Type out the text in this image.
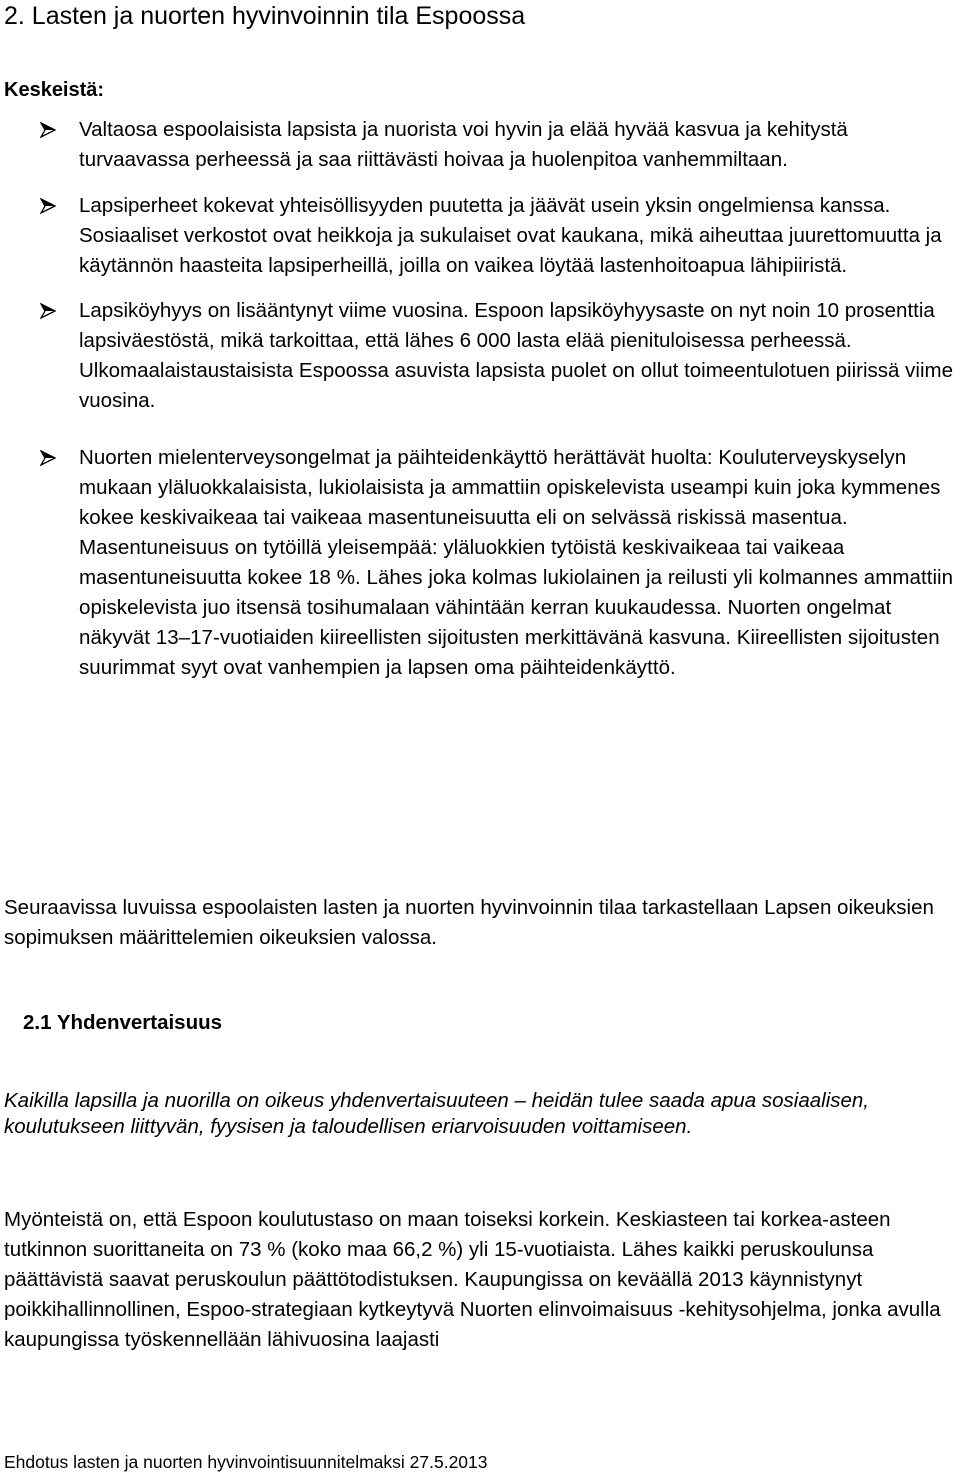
2. Lasten ja nuorten hyvinvoinnin tila Espoossa

Keskeistä:

Valtaosa espoolaisista lapsista ja nuorista voi hyvin ja elää hyvää kasvua ja kehitystä turvaavassa perheessä ja saa riittävästi hoivaa ja huolenpitoa vanhemmiltaan.
Lapsiperheet kokevat yhteisöllisyyden puutetta ja jäävät usein yksin ongelmiensa kanssa. Sosiaaliset verkostot ovat heikkoja ja sukulaiset ovat kaukana, mikä aiheuttaa juurettomuutta ja käytännön haasteita lapsiperheillä, joilla on vaikea löytää lastenhoitoapua lähipiiristä.
Lapsiköyhyys on lisääntynyt viime vuosina. Espoon lapsiköyhyysaste on nyt noin 10 prosenttia lapsiväestöstä, mikä tarkoittaa, että lähes 6 000 lasta elää pienituloisessa perheessä. Ulkomaalaistaustaisista Espoossa asuvista lapsista puolet on ollut toimeentulotuen piirissä viime vuosina.
Nuorten mielenterveysongelmat ja päihteidenkäyttö herättävät huolta: Kouluterveyskyselyn mukaan yläluokkalaisista, lukiolaisista ja ammattiin opiskelevista useampi kuin joka kymmenes kokee keskivaikeaa tai vaikeaa masentuneisuutta eli on selvässä riskissä masentua. Masentuneisuus on tytöillä yleisempää: yläluokkien tytöistä keskivaikeaa tai vaikeaa masentuneisuutta kokee 18 %. Lähes joka kolmas lukiolainen ja reilusti yli kolmannes ammattiin opiskelevista juo itsensä tosihumalaan vähintään kerran kuukaudessa. Nuorten ongelmat näkyvät 13–17-vuotiaiden kiireellisten sijoitusten merkittävänä kasvuna. Kiireellisten sijoitusten suurimmat syyt ovat vanhempien ja lapsen oma päihteidenkäyttö.

Seuraavissa luvuissa espoolaisten lasten ja nuorten hyvinvoinnin tilaa tarkastellaan Lapsen oikeuksien sopimuksen määrittelemien oikeuksien valossa.

2.1 Yhdenvertaisuus

Kaikilla lapsilla ja nuorilla on oikeus yhdenvertaisuuteen – heidän tulee saada apua sosiaalisen, koulutukseen liittyvän, fyysisen ja taloudellisen eriarvoisuuden voittamiseen.

Myönteistä on, että Espoon koulutustaso on maan toiseksi korkein. Keskiasteen tai korkea-asteen tutkinnon suorittaneita on 73 % (koko maa 66,2 %) yli 15-vuotiaista. Lähes kaikki peruskoulunsa päättävistä saavat peruskoulun päättötodistuksen. Kaupungissa on keväällä 2013 käynnistynyt poikkihallinnollinen, Espoo-strategiaan kytkeytyvä Nuorten elinvoimaisuus -kehitysohjelma, jonka avulla kaupungissa työskennellään lähivuosina laajasti

Ehdotus lasten ja nuorten hyvinvointisuunnitelmaksi 27.5.2013
